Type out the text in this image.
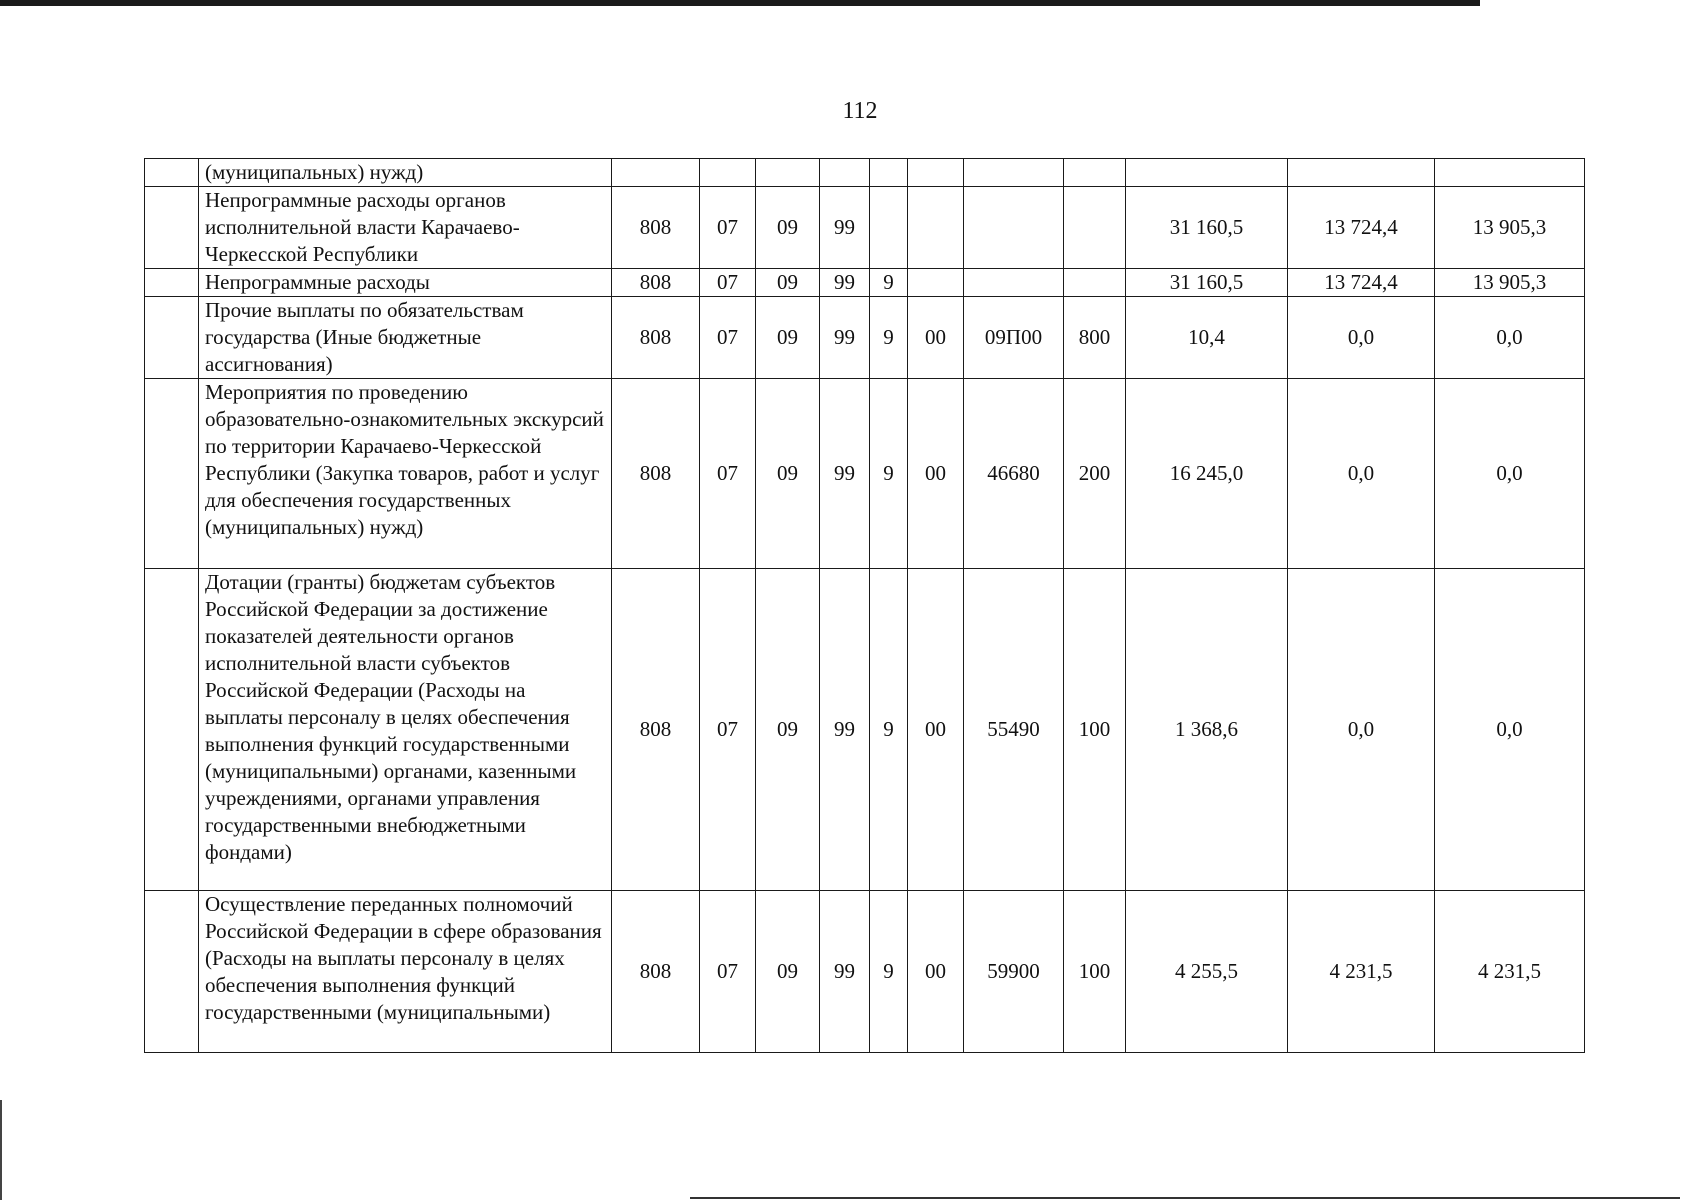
112
	(муниципальных) нужд)											
	Непрограммные расходы органов исполнительной власти Карачаево-Черкесской Республики	808	07	09	99					31 160,5	13 724,4	13 905,3
	Непрограммные расходы	808	07	09	99	9				31 160,5	13 724,4	13 905,3
	Прочие выплаты по обязательствам государства (Иные бюджетные ассигнования)	808	07	09	99	9	00	09П00	800	10,4	0,0	0,0
	Мероприятия по проведению образовательно-ознакомительных экскурсий по территории Карачаево-Черкесской Республики (Закупка товаров, работ и услуг для обеспечения государственных (муниципальных) нужд)	808	07	09	99	9	00	46680	200	16 245,0	0,0	0,0
	Дотации (гранты) бюджетам субъектов Российской Федерации за достижение показателей деятельности органов исполнительной власти субъектов Российской Федерации (Расходы на выплаты персоналу в целях обеспечения выполнения функций государственными (муниципальными) органами, казенными учреждениями, органами управления государственными внебюджетными фондами)	808	07	09	99	9	00	55490	100	1 368,6	0,0	0,0
	Осуществление переданных полномочий Российской Федерации в сфере образования (Расходы на выплаты персоналу в целях обеспечения выполнения функций государственными (муниципальными)	808	07	09	99	9	00	59900	100	4 255,5	4 231,5	4 231,5
